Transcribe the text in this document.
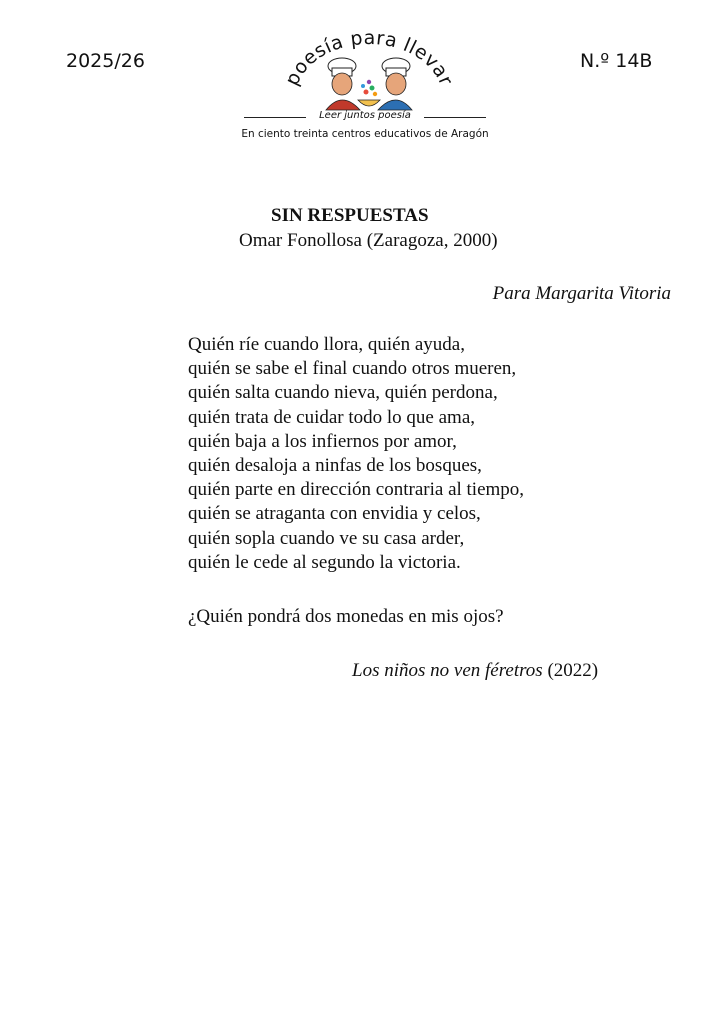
2025/26	N.º 14B
poesía para llevar
Leer juntos poesía
En ciento treinta centros educativos de Aragón
SIN RESPUESTAS
Omar Fonollosa (Zaragoza, 2000)
Para Margarita Vitoria
Quién ríe cuando llora, quién ayuda,
quién se sabe el final cuando otros mueren,
quién salta cuando nieva, quién perdona,
quién trata de cuidar todo lo que ama,
quién baja a los infiernos por amor,
quién desaloja a ninfas de los bosques,
quién parte en dirección contraria al tiempo,
quién se atraganta con envidia y celos,
quién sopla cuando ve su casa arder,
quién le cede al segundo la victoria.
¿Quién pondrá dos monedas en mis ojos?
Los niños no ven féretros (2022)
